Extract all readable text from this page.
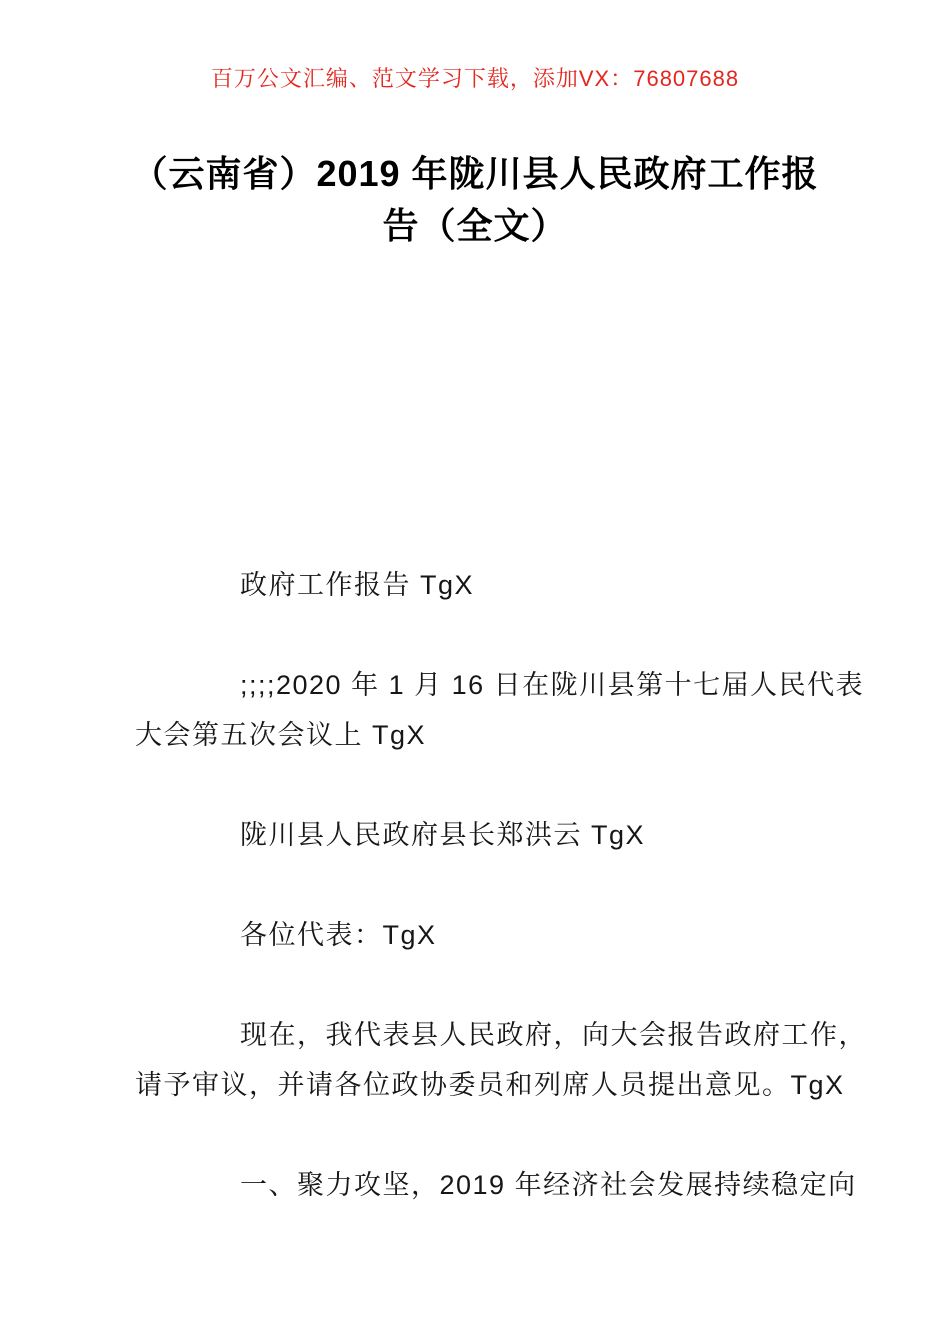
百万公文汇编、范文学习下载，添加VX：76807688
（云南省）2019 年陇川县人民政府工作报
告（全文）
政府工作报告 TgX
;;;;2020 年 1 月 16 日在陇川县第十七届人民代表
大会第五次会议上 TgX
陇川县人民政府县长郑洪云 TgX
各位代表：TgX
现在，我代表县人民政府，向大会报告政府工作，
请予审议，并请各位政协委员和列席人员提出意见。TgX
一、聚力攻坚，2019 年经济社会发展持续稳定向
